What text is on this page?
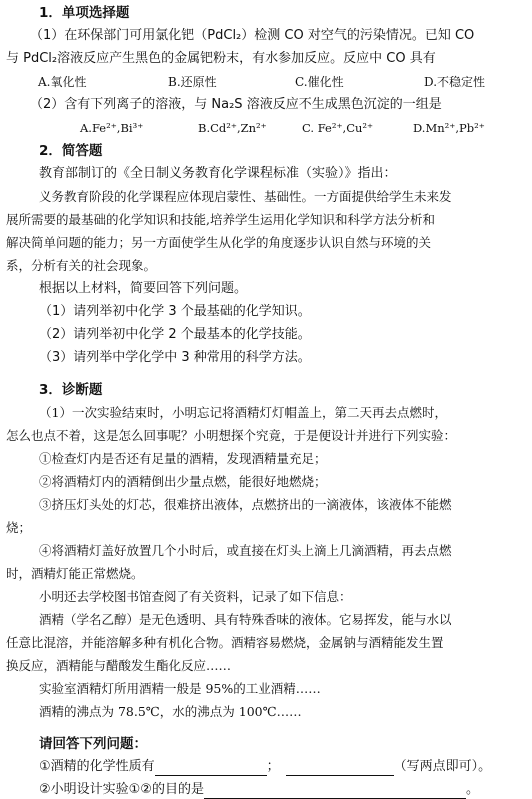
1．单项选择题
（1）在环保部门可用氯化钯（PdCl₂）检测 CO 对空气的污染情况。已知 CO
与 PdCl₂溶液反应产生黑色的金属钯粉末，有水参加反应。反应中 CO 具有
A.氧化性	B.还原性	C.催化性	D.不稳定性
（2）含有下列离子的溶液，与 Na₂S 溶液反应不生成黑色沉淀的一组是
A.Fe²⁺,Bi³⁺	B.Cd²⁺,Zn²⁺	C. Fe²⁺,Cu²⁺	D.Mn²⁺,Pb²⁺
2．简答题
教育部制订的《全日制义务教育化学课程标准（实验）》指出：
义务教育阶段的化学课程应体现启蒙性、基础性。一方面提供给学生未来发
展所需要的最基础的化学知识和技能,培养学生运用化学知识和科学方法分析和
解决简单问题的能力；另一方面使学生从化学的角度逐步认识自然与环境的关
系，分析有关的社会现象。
根据以上材料，简要回答下列问题。
（1）请列举初中化学 3 个最基础的化学知识。
（2）请列举初中化学 2 个最基本的化学技能。
（3）请列举中学化学中 3 种常用的科学方法。
3．诊断题
（1）一次实验结束时，小明忘记将酒精灯灯帽盖上，第二天再去点燃时，
怎么也点不着，这是怎么回事呢？小明想探个究竟，于是便设计并进行下列实验：
①检查灯内是否还有足量的酒精，发现酒精量充足；
②将酒精灯内的酒精倒出少量点燃，能很好地燃烧；
③挤压灯头处的灯芯，很难挤出液体，点燃挤出的一滴液体，该液体不能燃
烧；
④将酒精灯盖好放置几个小时后，或直接在灯头上滴上几滴酒精，再去点燃
时，酒精灯能正常燃烧。
小明还去学校图书馆查阅了有关资料，记录了如下信息：
酒精（学名乙醇）是无色透明、具有特殊香味的液体。它易挥发，能与水以
任意比混溶，并能溶解多种有机化合物。酒精容易燃烧，金属钠与酒精能发生置
换反应，酒精能与醋酸发生酯化反应……
实验室酒精灯所用酒精一般是 95%的工业酒精……
酒精的沸点为 78.5℃，水的沸点为 100℃……
请回答下列问题：
①酒精的化学性质有	；	（写两点即可）。
②小明设计实验①②的目的是	。
